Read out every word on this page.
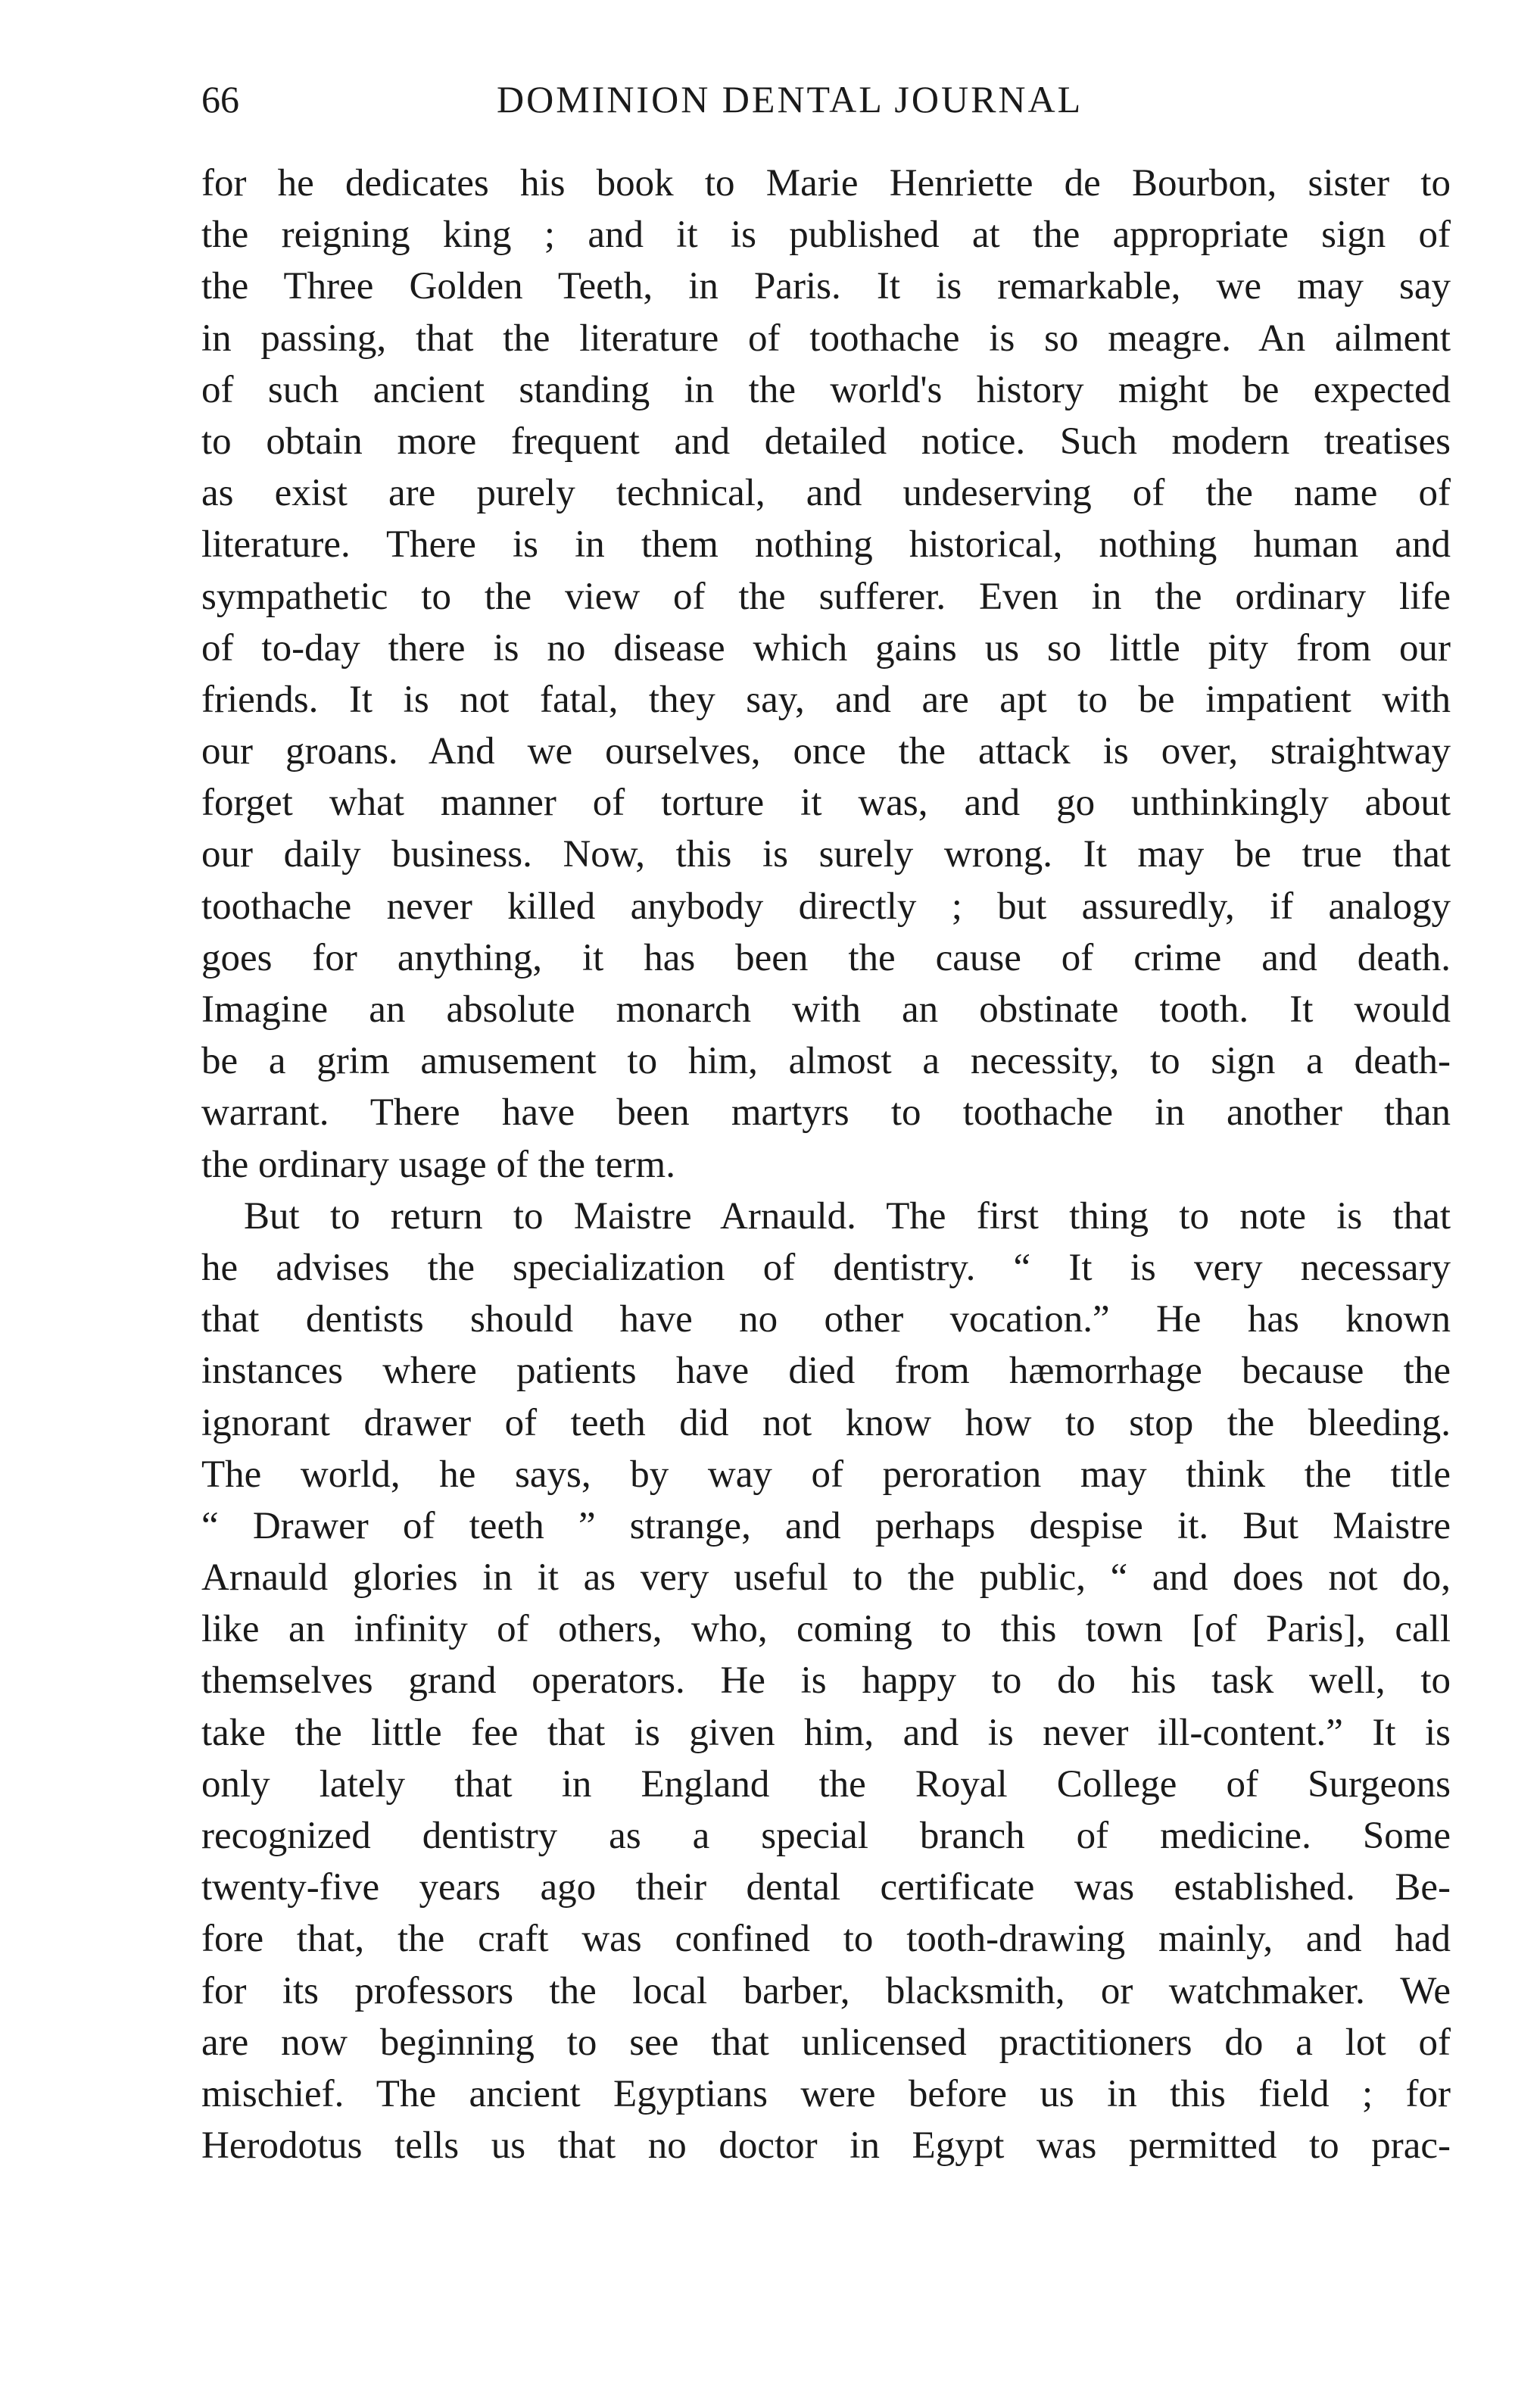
66	DOMINION DENTAL JOURNAL
for he dedicates his book to Marie Henriette de Bourbon, sister to
the reigning king ; and it is published at the appropriate sign of
the Three Golden Teeth, in Paris. It is remarkable, we may say
in passing, that the literature of toothache is so meagre. An ailment
of such ancient standing in the world's history might be expected
to obtain more frequent and detailed notice. Such modern treatises
as exist are purely technical, and undeserving of the name of
literature. There is in them nothing historical, nothing human and
sympathetic to the view of the sufferer. Even in the ordinary life
of to-day there is no disease which gains us so little pity from our
friends. It is not fatal, they say, and are apt to be impatient with
our groans. And we ourselves, once the attack is over, straightway
forget what manner of torture it was, and go unthinkingly about
our daily business. Now, this is surely wrong. It may be true that
toothache never killed anybody directly ; but assuredly, if analogy
goes for anything, it has been the cause of crime and death.
Imagine an absolute monarch with an obstinate tooth. It would
be a grim amusement to him, almost a necessity, to sign a death-
warrant. There have been martyrs to toothache in another than
the ordinary usage of the term.
But to return to Maistre Arnauld. The first thing to note is that
he advises the specialization of dentistry. “ It is very necessary
that dentists should have no other vocation.” He has known
instances where patients have died from hæmorrhage because the
ignorant drawer of teeth did not know how to stop the bleeding.
The world, he says, by way of peroration may think the title
“ Drawer of teeth ” strange, and perhaps despise it. But Maistre
Arnauld glories in it as very useful to the public, “ and does not do,
like an infinity of others, who, coming to this town [of Paris], call
themselves grand operators. He is happy to do his task well, to
take the little fee that is given him, and is never ill-content.” It is
only lately that in England the Royal College of Surgeons
recognized dentistry as a special branch of medicine. Some
twenty-five years ago their dental certificate was established. Be-
fore that, the craft was confined to tooth-drawing mainly, and had
for its professors the local barber, blacksmith, or watchmaker. We
are now beginning to see that unlicensed practitioners do a lot of
mischief. The ancient Egyptians were before us in this field ; for
Herodotus tells us that no doctor in Egypt was permitted to prac-
